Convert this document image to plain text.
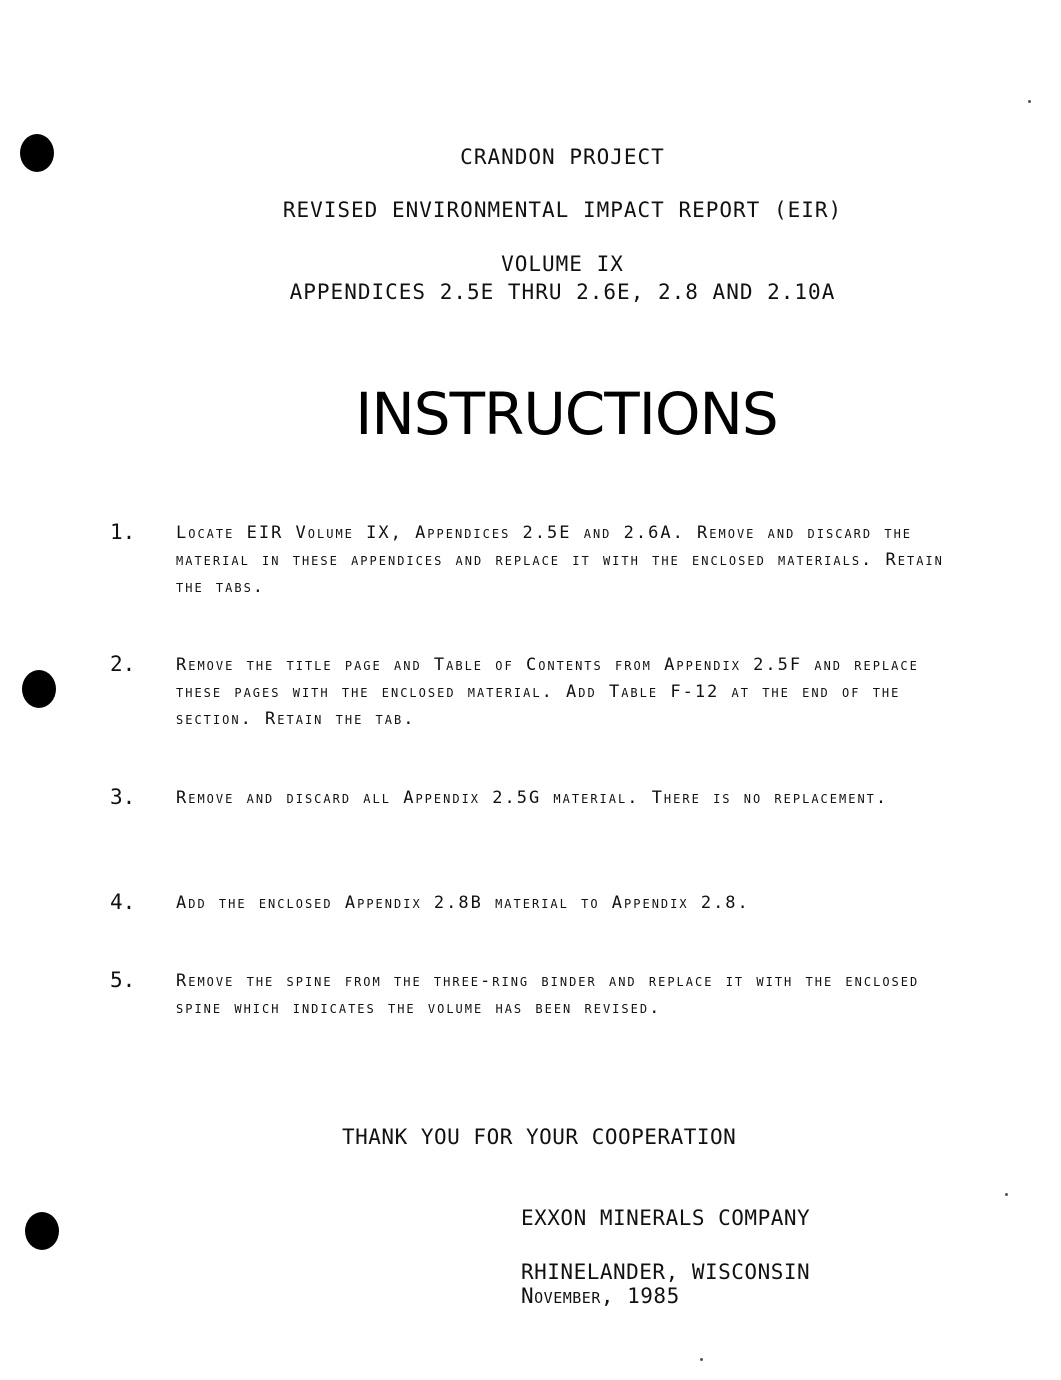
CRANDON PROJECT
REVISED ENVIRONMENTAL IMPACT REPORT (EIR)
VOLUME IX
APPENDICES 2.5E THRU 2.6E, 2.8 AND 2.10A
INSTRUCTIONS
1. Locate EIR Volume IX, Appendices 2.5E and 2.6A. Remove and discard the material in these appendices and replace it with the enclosed materials. Retain the tabs.
2. Remove the title page and Table of Contents from Appendix 2.5F and replace these pages with the enclosed material. Add Table F-12 at the end of the section. Retain the tab.
3. Remove and discard all Appendix 2.5G material. There is no replacement.
4. Add the enclosed Appendix 2.8B material to Appendix 2.8.
5. Remove the spine from the three-ring binder and replace it with the enclosed spine which indicates the volume has been revised.
THANK YOU FOR YOUR COOPERATION
EXXON MINERALS COMPANY
RHINELANDER, WISCONSIN
November, 1985
